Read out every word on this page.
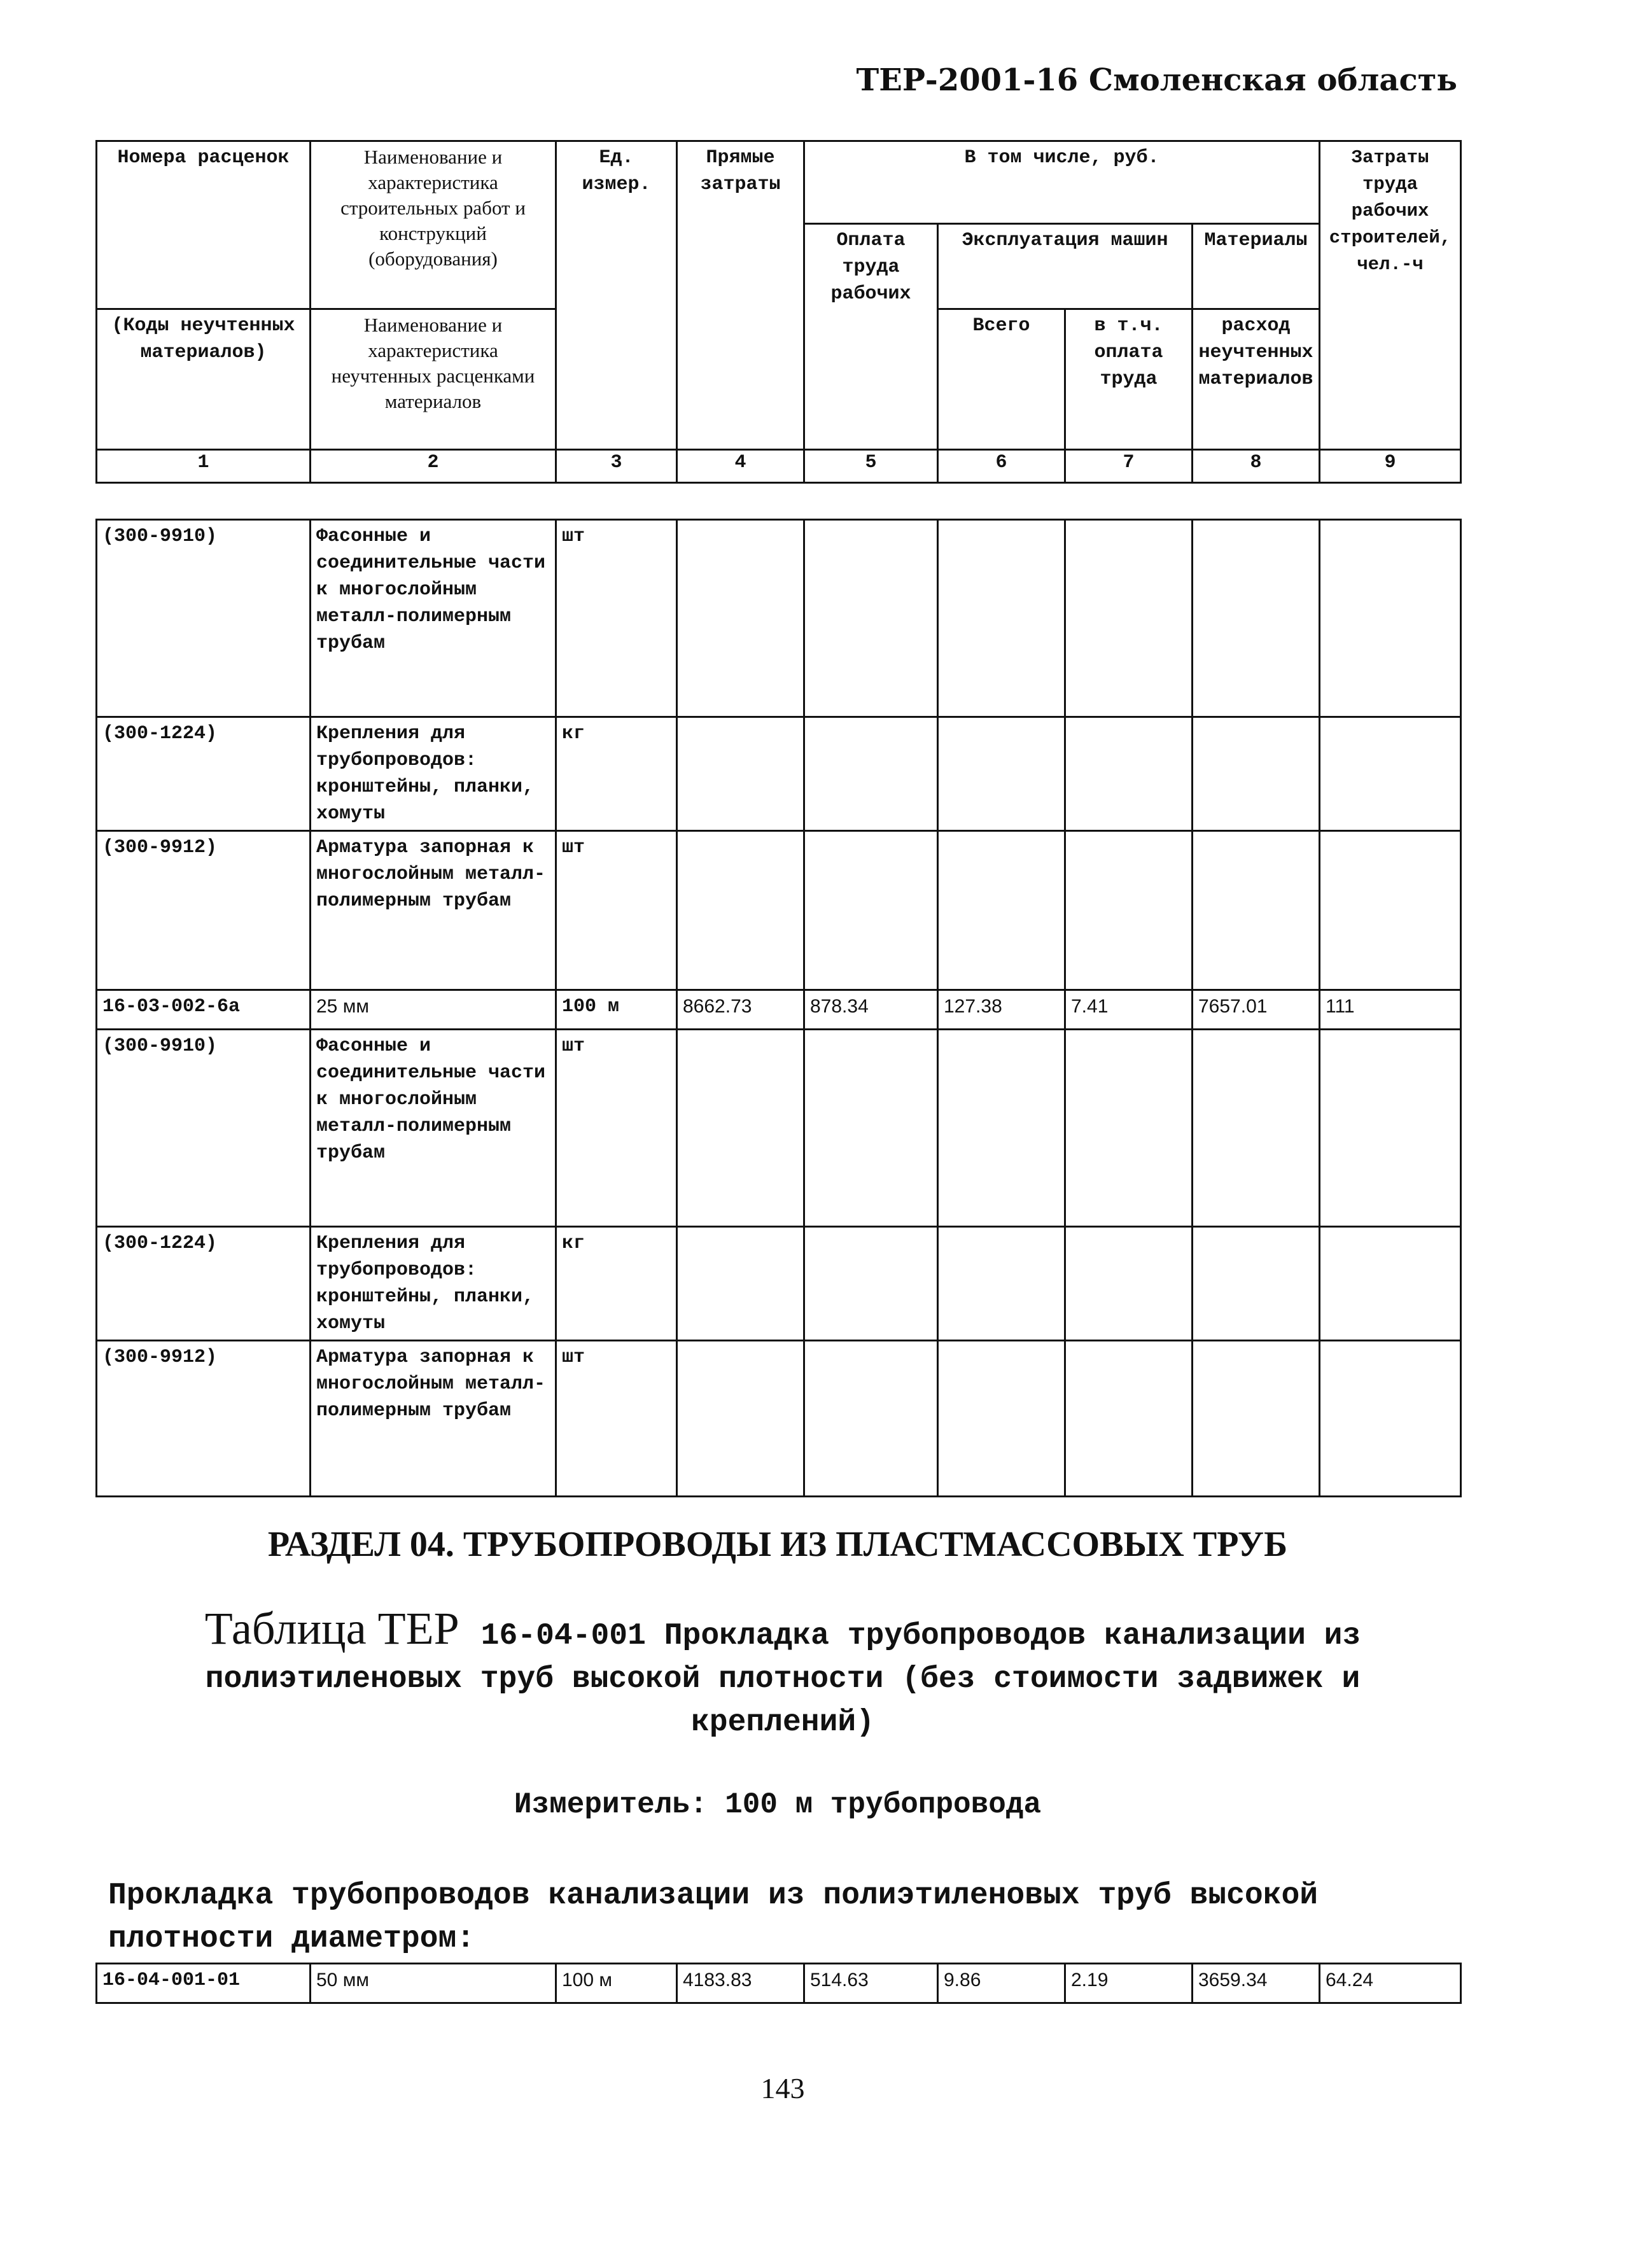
ТЕР-2001-16 Смоленская область
Номера расценок	Наименование и характеристика строительных работ и конструкций (оборудования)	Ед. измер.	Прямые затраты	В том числе, руб.				Затраты труда рабочих строителей, чел.-ч
				Оплата труда рабочих	Эксплуатация машин		Материалы	
(Коды неучтенных материалов)	Наименование и характеристика неучтенных расценками материалов				Всего	в т.ч. оплата труда	расход неучтенных материалов	
1	2	3	4	5	6	7	8	9
(300-9910)	Фасонные и соединительные части к многослойным металл-полимерным трубам	шт						
(300-1224)	Крепления для трубопроводов: кронштейны, планки, хомуты	кг						
(300-9912)	Арматура запорная к многослойным металл-полимерным трубам	шт						
16-03-002-6а	25 мм	100 м	8662.73	878.34	127.38	7.41	7657.01	111
(300-9910)	Фасонные и соединительные части к многослойным металл-полимерным трубам	шт						
(300-1224)	Крепления для трубопроводов: кронштейны, планки, хомуты	кг						
(300-9912)	Арматура запорная к многослойным металл-полимерным трубам	шт						
РАЗДЕЛ 04. ТРУБОПРОВОДЫ ИЗ ПЛАСТМАССОВЫХ ТРУБ
Таблица ТЕР 16-04-001 Прокладка трубопроводов канализации из полиэтиленовых труб высокой плотности (без стоимости задвижек и креплений)
Измеритель: 100 м трубопровода
Прокладка трубопроводов канализации из полиэтиленовых труб высокой плотности диаметром:
16-04-001-01	50 мм	100 м	4183.83	514.63	9.86	2.19	3659.34	64.24
143
